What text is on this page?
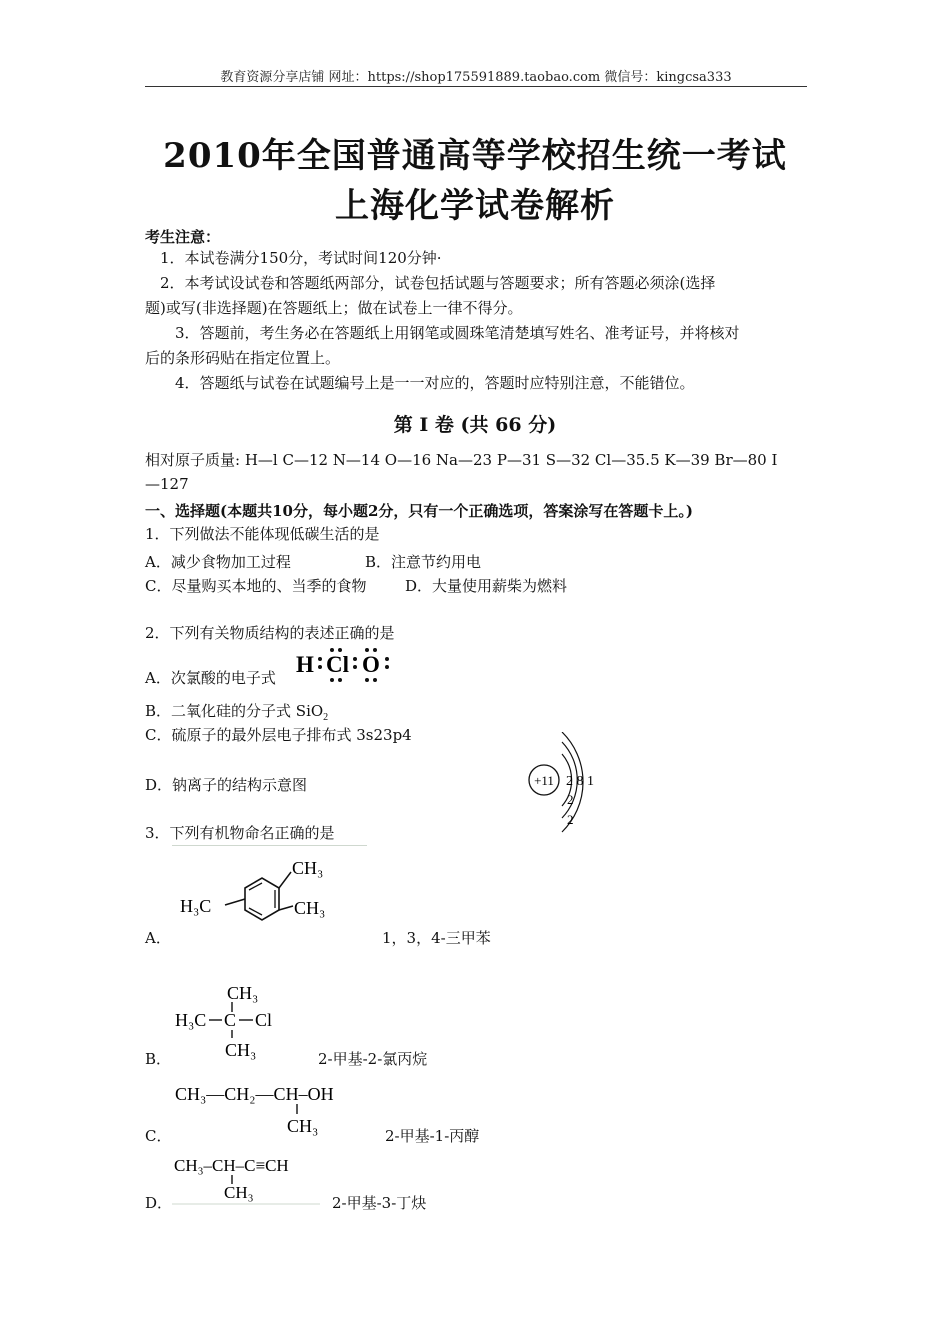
教育资源分享店铺 网址：https://shop175591889.taobao.com 微信号：kingcsa333
2010年全国普通高等学校招生统一考试
上海化学试卷解析
考生注意：
1．本试卷满分150分，考试时间120分钟·
2．本考试设试卷和答题纸两部分，试卷包括试题与答题要求；所有答题必须涂(选择
题)或写(非选择题)在答题纸上；做在试卷上一律不得分。
3．答题前，考生务必在答题纸上用钢笔或圆珠笔清楚填写姓名、准考证号，并将核对
后的条形码贴在指定位置上。
4．答题纸与试卷在试题编号上是一一对应的，答题时应特别注意，不能错位。
第 I 卷 (共 66 分)
相对原子质量: H—l C—12 N—14 O—16 Na—23 P—31 S—32 Cl—35.5 K—39 Br—80 I
—127
一、选择题(本题共10分，每小题2分，只有一个正确选项，答案涂写在答题卡上。)
1．下列做法不能体现低碳生活的是
A．减少食物加工过程	B．注意节约用电
C．尽量购买本地的、当季的食物	D．大量使用薪柴为燃料
2．下列有关物质结构的表述正确的是
A．次氯酸的电子式
H Cl O
B．二氧化硅的分子式 SiO$_2$
C．硫原子的最外层电子排布式 3s23p4
D．钠离子的结构示意图	+11 2 8 1
2
2
3．下列有机物命名正确的是
A．
CH₃
CH₃
H₃C
1，3，4-三甲苯
B．
CH₃
H₃C C Cl
CH₃	2-甲基-2-氯丙烷
C．
CH₃—CH₂—CH–OH
CH₃	2-甲基-1-丙醇
D．
CH₃–CH–C≡CH
CH₃
2-甲基-3-丁炔
